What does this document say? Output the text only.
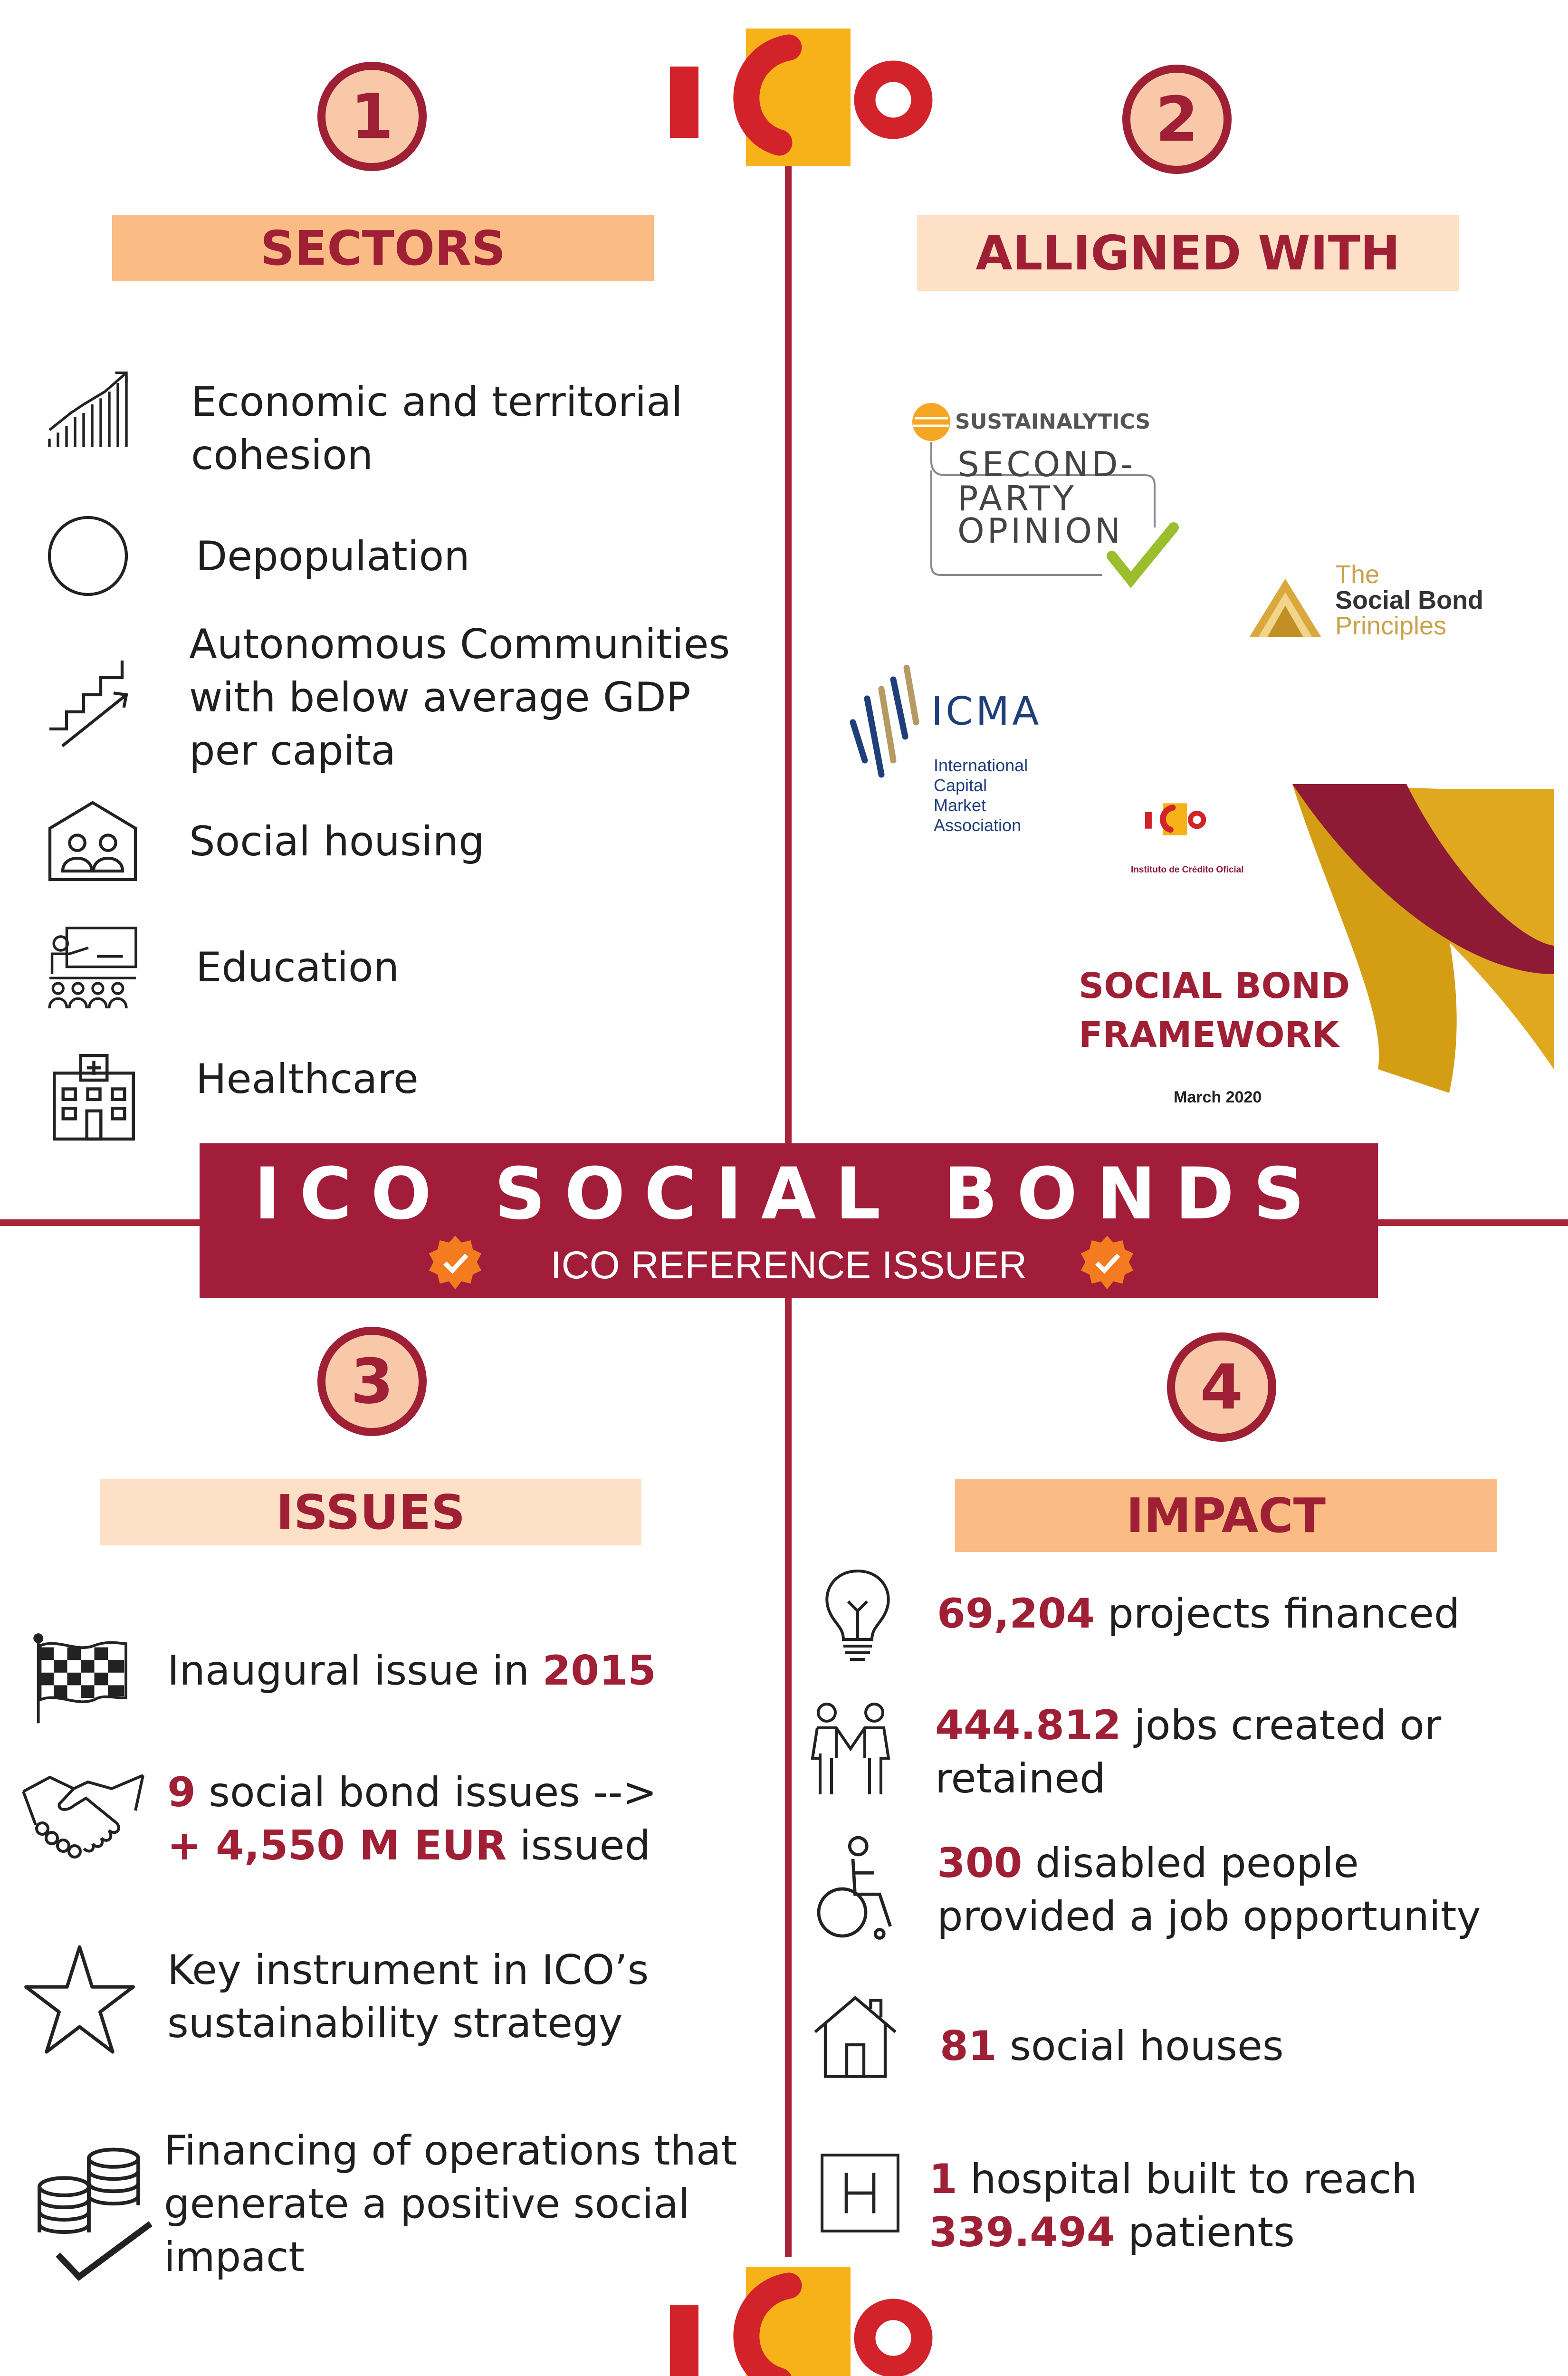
1
SECTORS
Economic and territorial cohesion
Depopulation
Autonomous Communities with below average GDP per capita
Social housing
Education
Healthcare
2
ALLIGNED WITH
SUSTAINALYTICS
SECOND-
PARTY
OPINION
The
Social Bond
Principles
ICMA
International
Capital
Market
Association
Instituto de Crédito Oficial
SOCIAL BOND
FRAMEWORK
March 2020
ICO SOCIAL BONDS
ICO REFERENCE ISSUER
3
ISSUES
Inaugural issue in 2015
9 social bond issues -->
+ 4,550 M EUR issued
Key instrument in ICO’s sustainability strategy
Financing of operations that generate a positive social impact
4
IMPACT
69,204 projects financed
444.812 jobs created or retained
300 disabled people provided a job opportunity
81 social houses
1 hospital built to reach
339.494 patients
